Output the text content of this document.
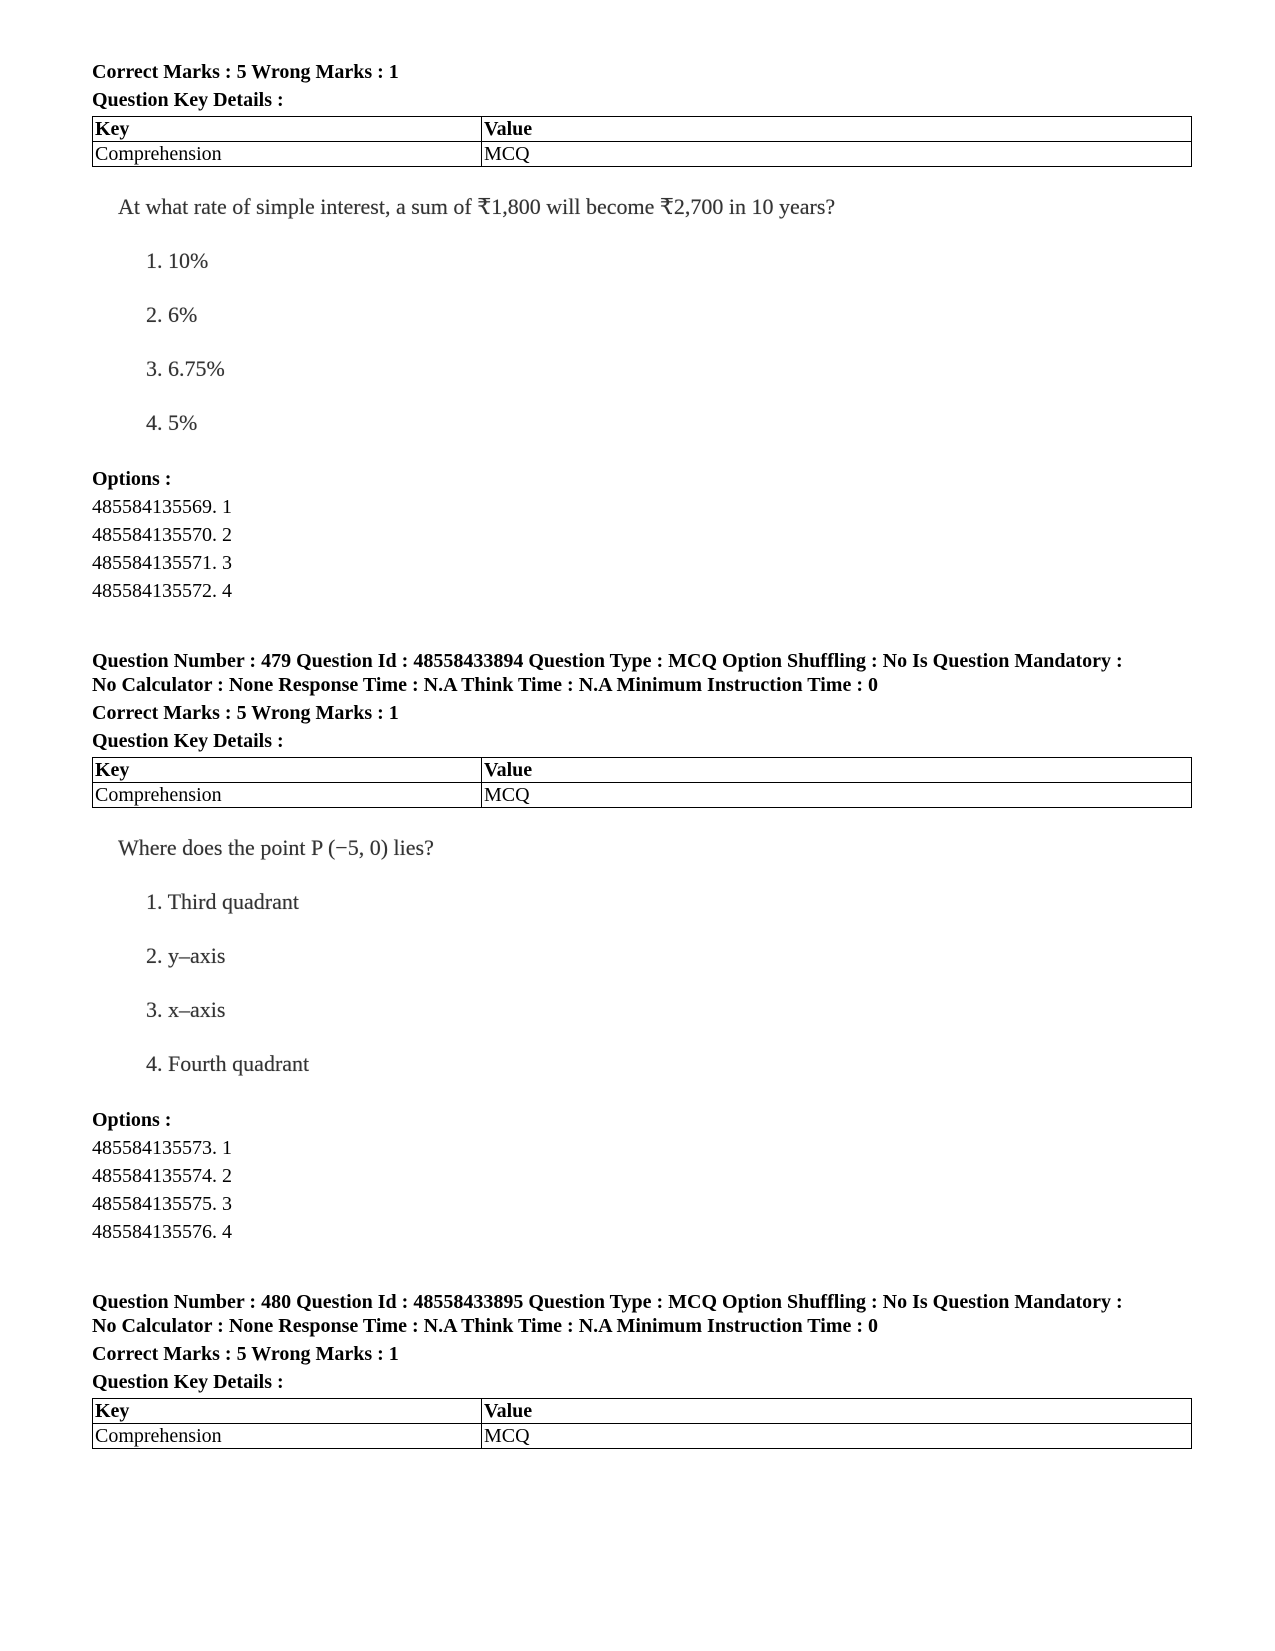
Correct Marks : 5 Wrong Marks : 1

Question Key Details :

Key	Value
Comprehension	MCQ
At what rate of simple interest, a sum of ₹1,800 will become ₹2,700 in 10 years?
1. 10%
2. 6%
3. 6.75%
4. 5%

Options :

485584135569. 1

485584135570. 2

485584135571. 3

485584135572. 4

Question Number : 479 Question Id : 48558433894 Question Type : MCQ Option Shuffling : No Is Question Mandatory :

No Calculator : None Response Time : N.A Think Time : N.A Minimum Instruction Time : 0

Correct Marks : 5 Wrong Marks : 1

Question Key Details :

Key	Value
Comprehension	MCQ
Where does the point P (−5, 0) lies?
1. Third quadrant
2. y–axis
3. x–axis
4. Fourth quadrant

Options :

485584135573. 1

485584135574. 2

485584135575. 3

485584135576. 4

Question Number : 480 Question Id : 48558433895 Question Type : MCQ Option Shuffling : No Is Question Mandatory :

No Calculator : None Response Time : N.A Think Time : N.A Minimum Instruction Time : 0

Correct Marks : 5 Wrong Marks : 1

Question Key Details :

Key	Value
Comprehension	MCQ
